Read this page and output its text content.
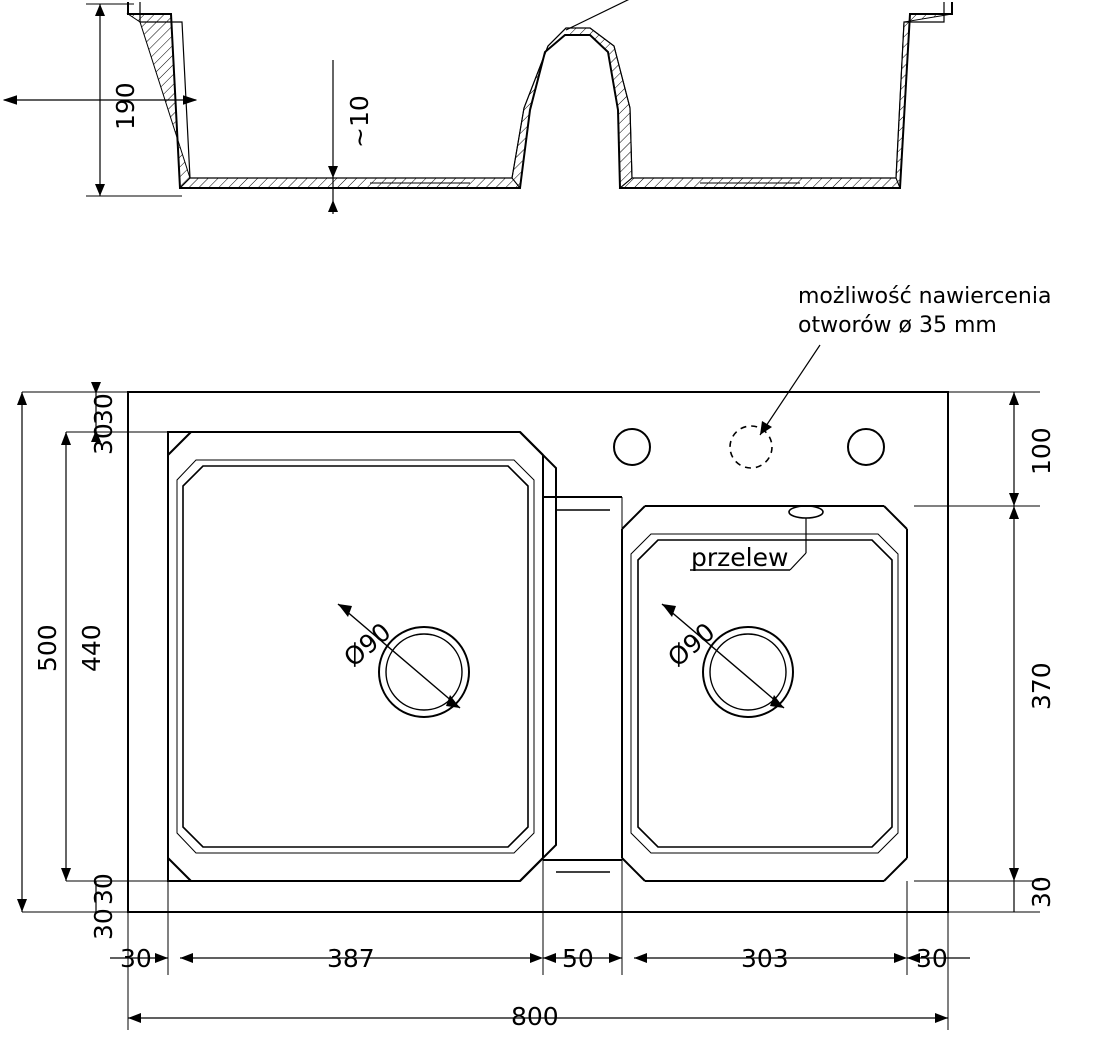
190	~10
możliwość nawiercenia
otworów ø 35 mm
przelew
500 440
30
30
30
30
100
370
30
Ø90	Ø90
30	387	50	303	30
800
